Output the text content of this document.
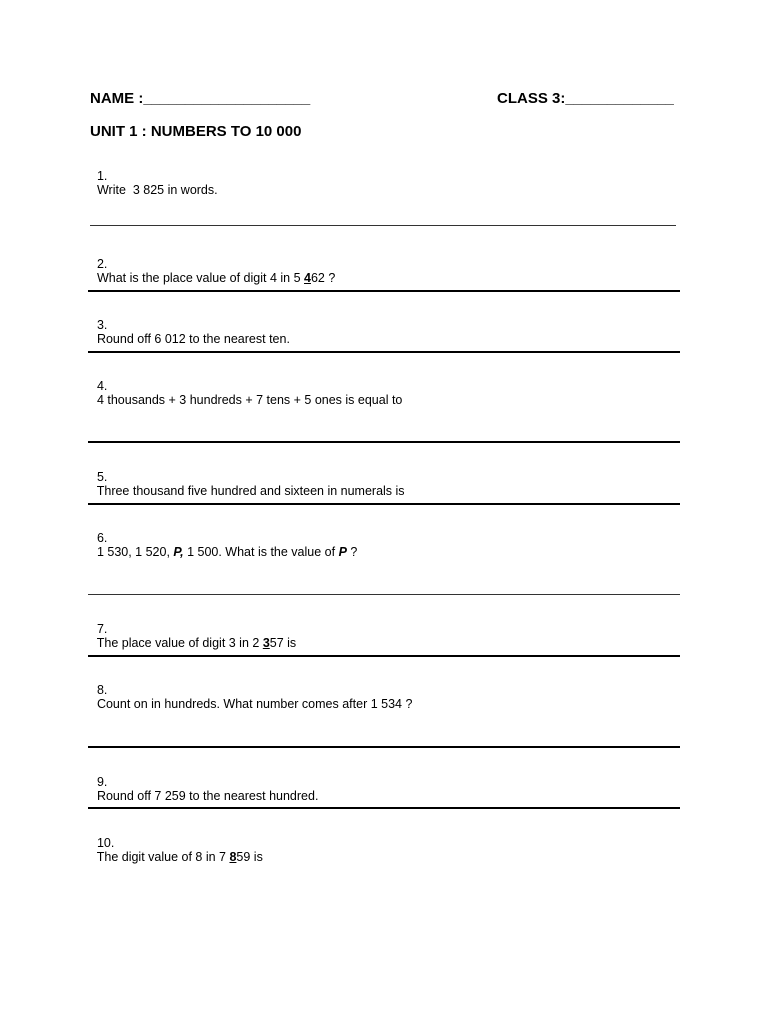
NAME :____________________	CLASS 3:_____________
UNIT 1 : NUMBERS TO 10 000

1.
Write  3 825 in words.

2.
What is the place value of digit 4 in 5 462 ?

3.
Round off 6 012 to the nearest ten.

4.
4 thousands + 3 hundreds + 7 tens + 5 ones is equal to

5.
Three thousand five hundred and sixteen in numerals is

6.
1 530, 1 520, P, 1 500. What is the value of P ?

7.
The place value of digit 3 in 2 357 is

8.
Count on in hundreds. What number comes after 1 534 ?

9.
Round off 7 259 to the nearest hundred.

10.
The digit value of 8 in 7 859 is
